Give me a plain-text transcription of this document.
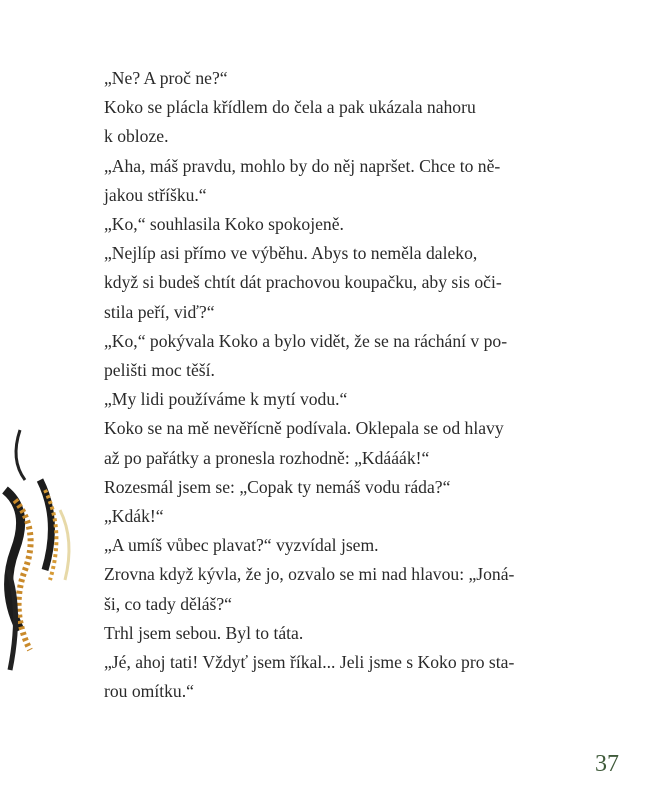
„Ne? A proč ne?“
Koko se plácla křídlem do čela a pak ukázala nahoru
k obloze.
„Aha, máš pravdu, mohlo by do něj napršet. Chce to ně-
jakou stříšku.“
„Ko,“ souhlasila Koko spokojeně.
„Nejlíp asi přímo ve výběhu. Abys to neměla daleko,
když si budeš chtít dát prachovou koupačku, aby sis oči-
stila peří, viď?“
„Ko,“ pokývala Koko a bylo vidět, že se na ráchání v po-
pelišti moc těší.
„My lidi používáme k mytí vodu.“
Koko se na mě nevěřícně podívala. Oklepala se od hlavy
až po pařátky a pronesla rozhodně: „Kdááák!“
Rozesmál jsem se: „Copak ty nemáš vodu ráda?“
„Kdák!“
„A umíš vůbec plavat?“ vyzvídal jsem.
Zrovna když kývla, že jo, ozvalo se mi nad hlavou: „Joná-
ši, co tady děláš?“
Trhl jsem sebou. Byl to táta.
„Jé, ahoj tati! Vždyť jsem říkal... Jeli jsme s Koko pro sta-
rou omítku.“
37
